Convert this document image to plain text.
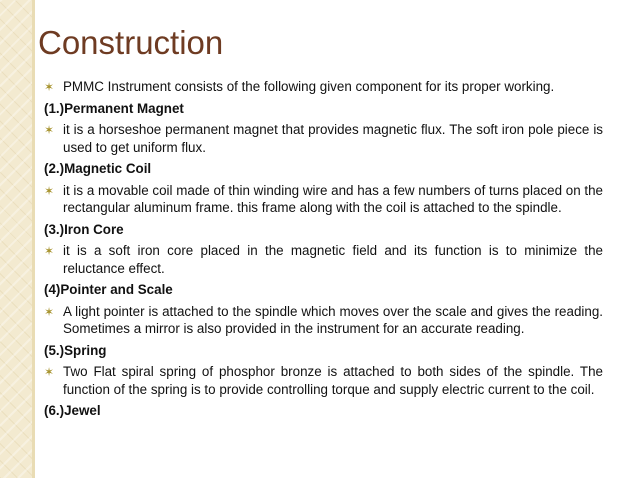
Construction
✶ PMMC Instrument consists of the following given component for its proper working.
(1.)Permanent Magnet
✶ it is a horseshoe permanent magnet that provides magnetic flux. The soft iron pole piece is used to get uniform flux.
(2.)Magnetic Coil
✶ it is a movable coil made of thin winding wire and has a few numbers of turns placed on the rectangular aluminum frame. this frame along with the coil is attached to the spindle.
(3.)Iron Core
✶ it is a soft iron core placed in the magnetic field and its function is to minimize the reluctance effect.
(4)Pointer and Scale
✶ A light pointer is attached to the spindle which moves over the scale and gives the reading. Sometimes a mirror is also provided in the instrument for an accurate reading.
(5.)Spring
✶ Two Flat spiral spring of phosphor bronze is attached to both sides of the spindle. The function of the spring is to provide controlling torque and supply electric current to the coil.
(6.)Jewel
